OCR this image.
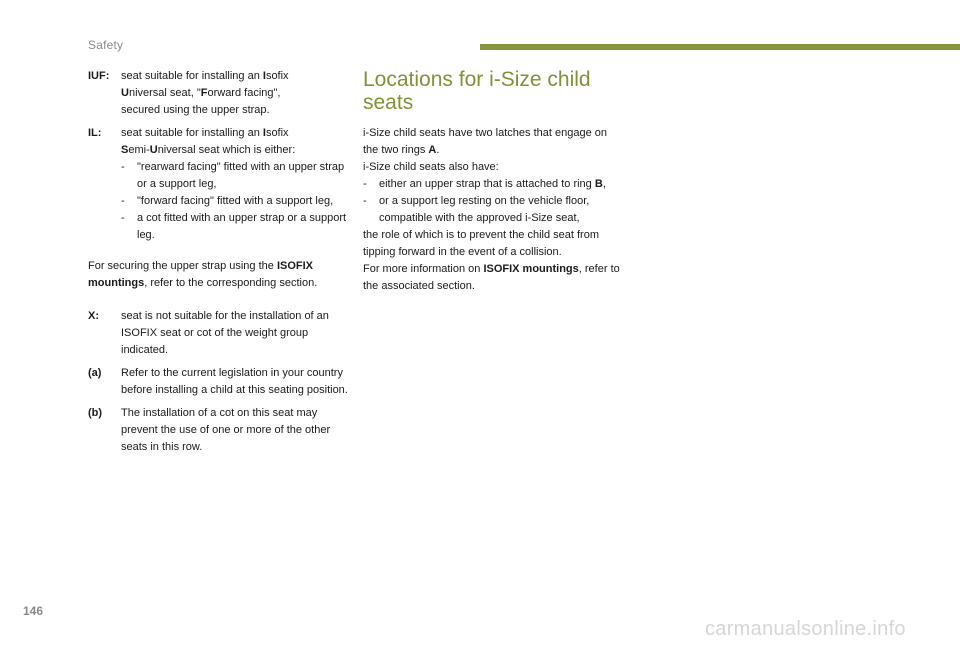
Safety
IUF:	seat suitable for installing an Isofix
Universal seat, "Forward facing",
secured using the upper strap.
IL:	seat suitable for installing an Isofix
Semi-Universal seat which is either:
-	"rearward facing" fitted with an upper strap or a support leg,
-	"forward facing" fitted with a support leg,
-	a cot fitted with an upper strap or a support leg.

For securing the upper strap using the ISOFIX mountings, refer to the corresponding section.

X:	seat is not suitable for the installation of an ISOFIX seat or cot of the weight group indicated.
(a)	Refer to the current legislation in your country before installing a child at this seating position.
(b)	The installation of a cot on this seat may prevent the use of one or more of the other seats in this row.
Locations for i-Size child seats
i-Size child seats have two latches that engage on the two rings A.
i-Size child seats also have:
-	either an upper strap that is attached to ring B,
-	or a support leg resting on the vehicle floor, compatible with the approved i-Size seat,
the role of which is to prevent the child seat from tipping forward in the event of a collision.
For more information on ISOFIX mountings, refer to the associated section.
146
carmanualsonline.info
